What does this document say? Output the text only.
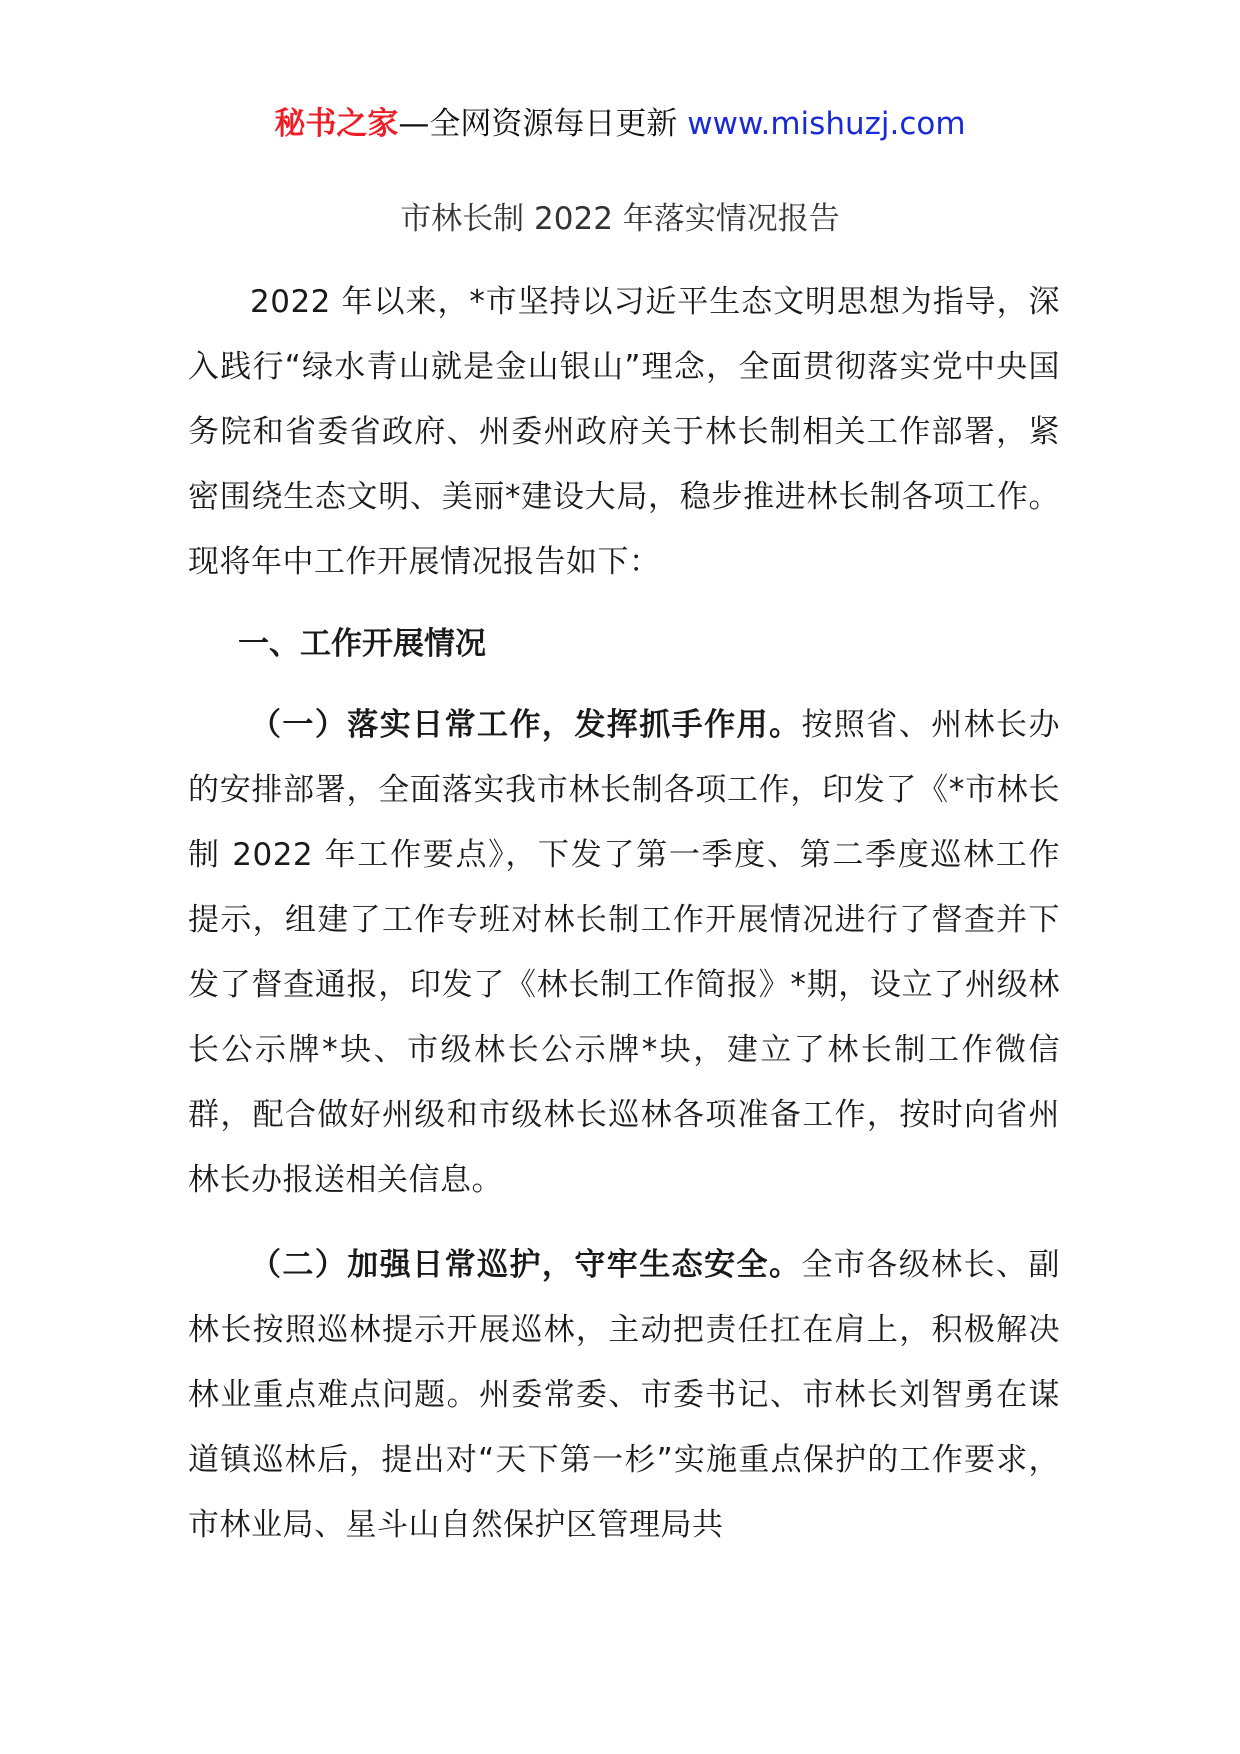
秘书之家—全网资源每日更新 www.mishuzj.com
市林长制 2022 年落实情况报告

2022 年以来，*市坚持以习近平生态文明思想为指导，深入践行“绿水青山就是金山银山”理念，全面贯彻落实党中央国务院和省委省政府、州委州政府关于林长制相关工作部署，紧密围绕生态文明、美丽*建设大局，稳步推进林长制各项工作。现将年中工作开展情况报告如下：

一、工作开展情况

（一）落实日常工作，发挥抓手作用。按照省、州林长办的安排部署，全面落实我市林长制各项工作，印发了《*市林长制 2022 年工作要点》，下发了第一季度、第二季度巡林工作提示，组建了工作专班对林长制工作开展情况进行了督查并下发了督查通报，印发了《林长制工作简报》*期，设立了州级林长公示牌*块、市级林长公示牌*块，建立了林长制工作微信群，配合做好州级和市级林长巡林各项准备工作，按时向省州林长办报送相关信息。

（二）加强日常巡护，守牢生态安全。全市各级林长、副林长按照巡林提示开展巡林，主动把责任扛在肩上，积极解决林业重点难点问题。州委常委、市委书记、市林长刘智勇在谋道镇巡林后，提出对“天下第一杉”实施重点保护的工作要求，市林业局、星斗山自然保护区管理局共
